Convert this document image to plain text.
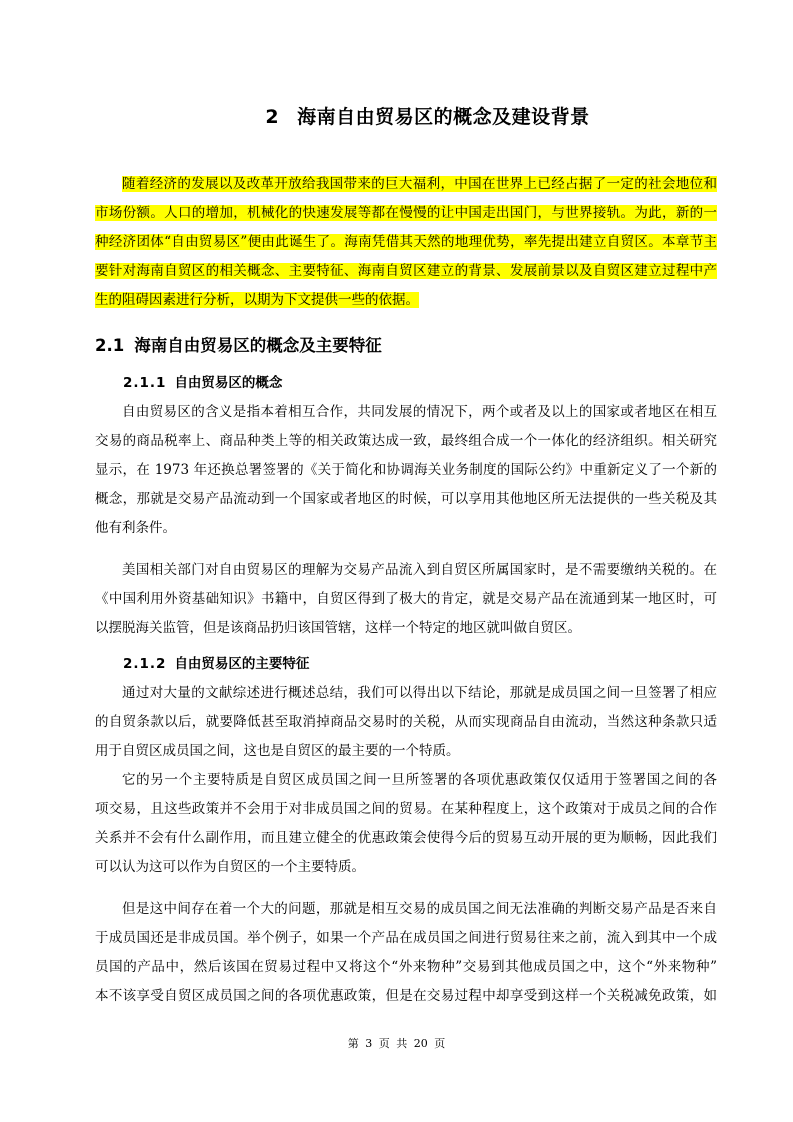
2 海南自由贸易区的概念及建设背景
随着经济的发展以及改革开放给我国带来的巨大福利，中国在世界上已经占据了一定的社会地位和
市场份额。人口的增加，机械化的快速发展等都在慢慢的让中国走出国门，与世界接轨。为此，新的一
种经济团体“自由贸易区”便由此诞生了。海南凭借其天然的地理优势，率先提出建立自贸区。本章节主
要针对海南自贸区的相关概念、主要特征、海南自贸区建立的背景、发展前景以及自贸区建立过程中产
生的阻碍因素进行分析，以期为下文提供一些的依据。
2.1 海南自由贸易区的概念及主要特征
2.1.1 自由贸易区的概念
自由贸易区的含义是指本着相互合作，共同发展的情况下，两个或者及以上的国家或者地区在相互
交易的商品税率上、商品种类上等的相关政策达成一致，最终组合成一个一体化的经济组织。相关研究
显示，在 1973 年还换总署签署的《关于简化和协调海关业务制度的国际公约》中重新定义了一个新的
概念，那就是交易产品流动到一个国家或者地区的时候，可以享用其他地区所无法提供的一些关税及其
他有利条件。
美国相关部门对自由贸易区的理解为交易产品流入到自贸区所属国家时，是不需要缴纳关税的。在
《中国利用外资基础知识》书籍中，自贸区得到了极大的肯定，就是交易产品在流通到某一地区时，可
以摆脱海关监管，但是该商品扔归该国管辖，这样一个特定的地区就叫做自贸区。
2.1.2 自由贸易区的主要特征
通过对大量的文献综述进行概述总结，我们可以得出以下结论，那就是成员国之间一旦签署了相应
的自贸条款以后，就要降低甚至取消掉商品交易时的关税，从而实现商品自由流动，当然这种条款只适
用于自贸区成员国之间，这也是自贸区的最主要的一个特质。
它的另一个主要特质是自贸区成员国之间一旦所签署的各项优惠政策仅仅适用于签署国之间的各
项交易，且这些政策并不会用于对非成员国之间的贸易。在某种程度上，这个政策对于成员之间的合作
关系并不会有什么副作用，而且建立健全的优惠政策会使得今后的贸易互动开展的更为顺畅，因此我们
可以认为这可以作为自贸区的一个主要特质。
但是这中间存在着一个大的问题，那就是相互交易的成员国之间无法准确的判断交易产品是否来自
于成员国还是非成员国。举个例子，如果一个产品在成员国之间进行贸易往来之前，流入到其中一个成
员国的产品中，然后该国在贸易过程中又将这个“外来物种”交易到其他成员国之中，这个“外来物种”
本不该享受自贸区成员国之间的各项优惠政策，但是在交易过程中却享受到这样一个关税减免政策，如
第 3 页 共 20 页
